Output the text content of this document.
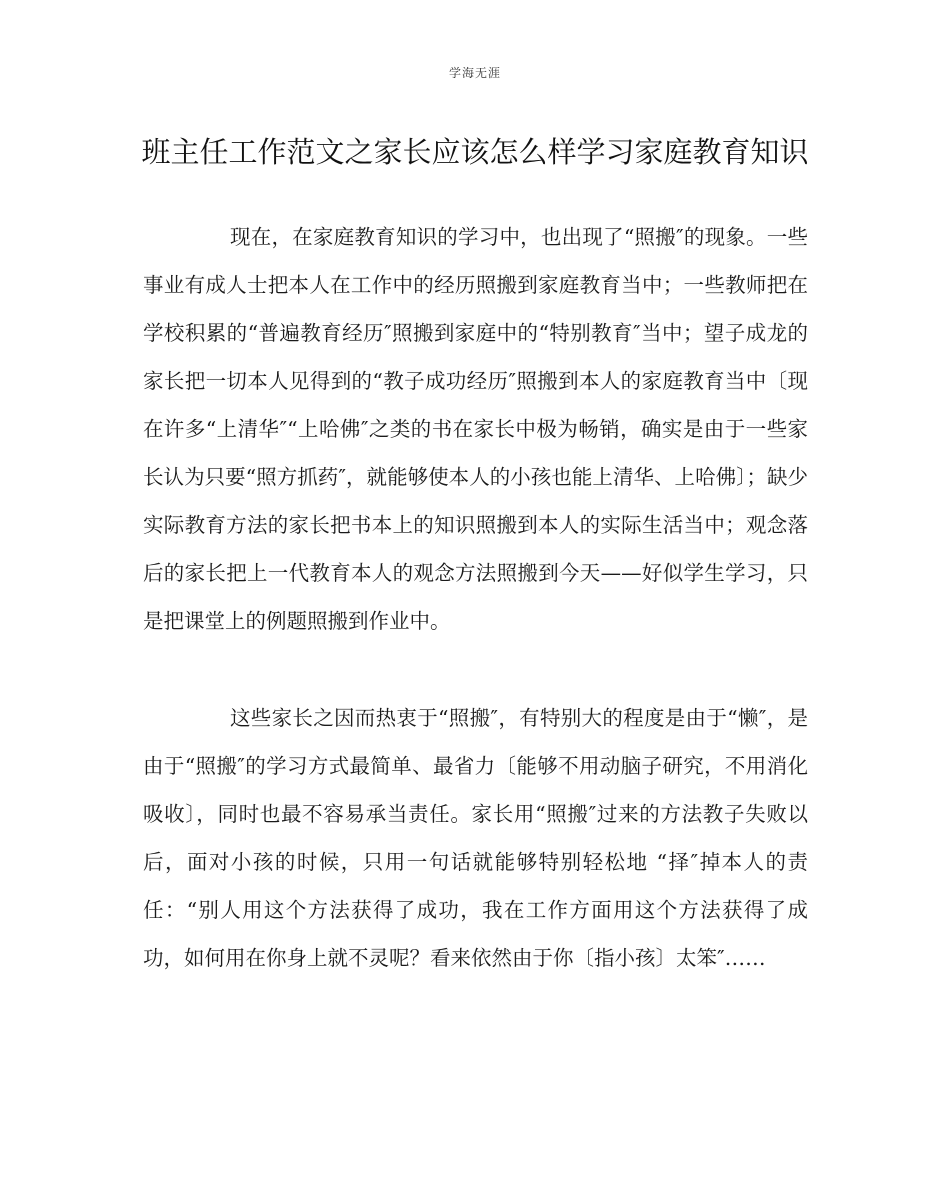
学海无涯
班主任工作范文之家长应该怎么样学习家庭教育知识

现在，在家庭教育知识的学习中，也出现了“照搬″的现象。一些事业有成人士把本人在工作中的经历照搬到家庭教育当中；一些教师把在学校积累的“普遍教育经历″照搬到家庭中的“特别教育″当中；望子成龙的家长把一切本人见得到的“教子成功经历″照搬到本人的家庭教育当中〔现在许多“上清华″“上哈佛″之类的书在家长中极为畅销，确实是由于一些家长认为只要“照方抓药″，就能够使本人的小孩也能上清华、上哈佛〕；缺少实际教育方法的家长把书本上的知识照搬到本人的实际生活当中；观念落后的家长把上一代教育本人的观念方法照搬到今天——好似学生学习，只是把课堂上的例题照搬到作业中。

这些家长之因而热衷于“照搬″，有特别大的程度是由于“懒″，是由于“照搬″的学习方式最简单、最省力〔能够不用动脑子研究，不用消化吸收〕，同时也最不容易承当责任。家长用“照搬″过来的方法教子失败以后，面对小孩的时候，只用一句话就能够特别轻松地 “择″掉本人的责任：“别人用这个方法获得了成功，我在工作方面用这个方法获得了成功，如何用在你身上就不灵呢？看来依然由于你〔指小孩〕太笨″……
